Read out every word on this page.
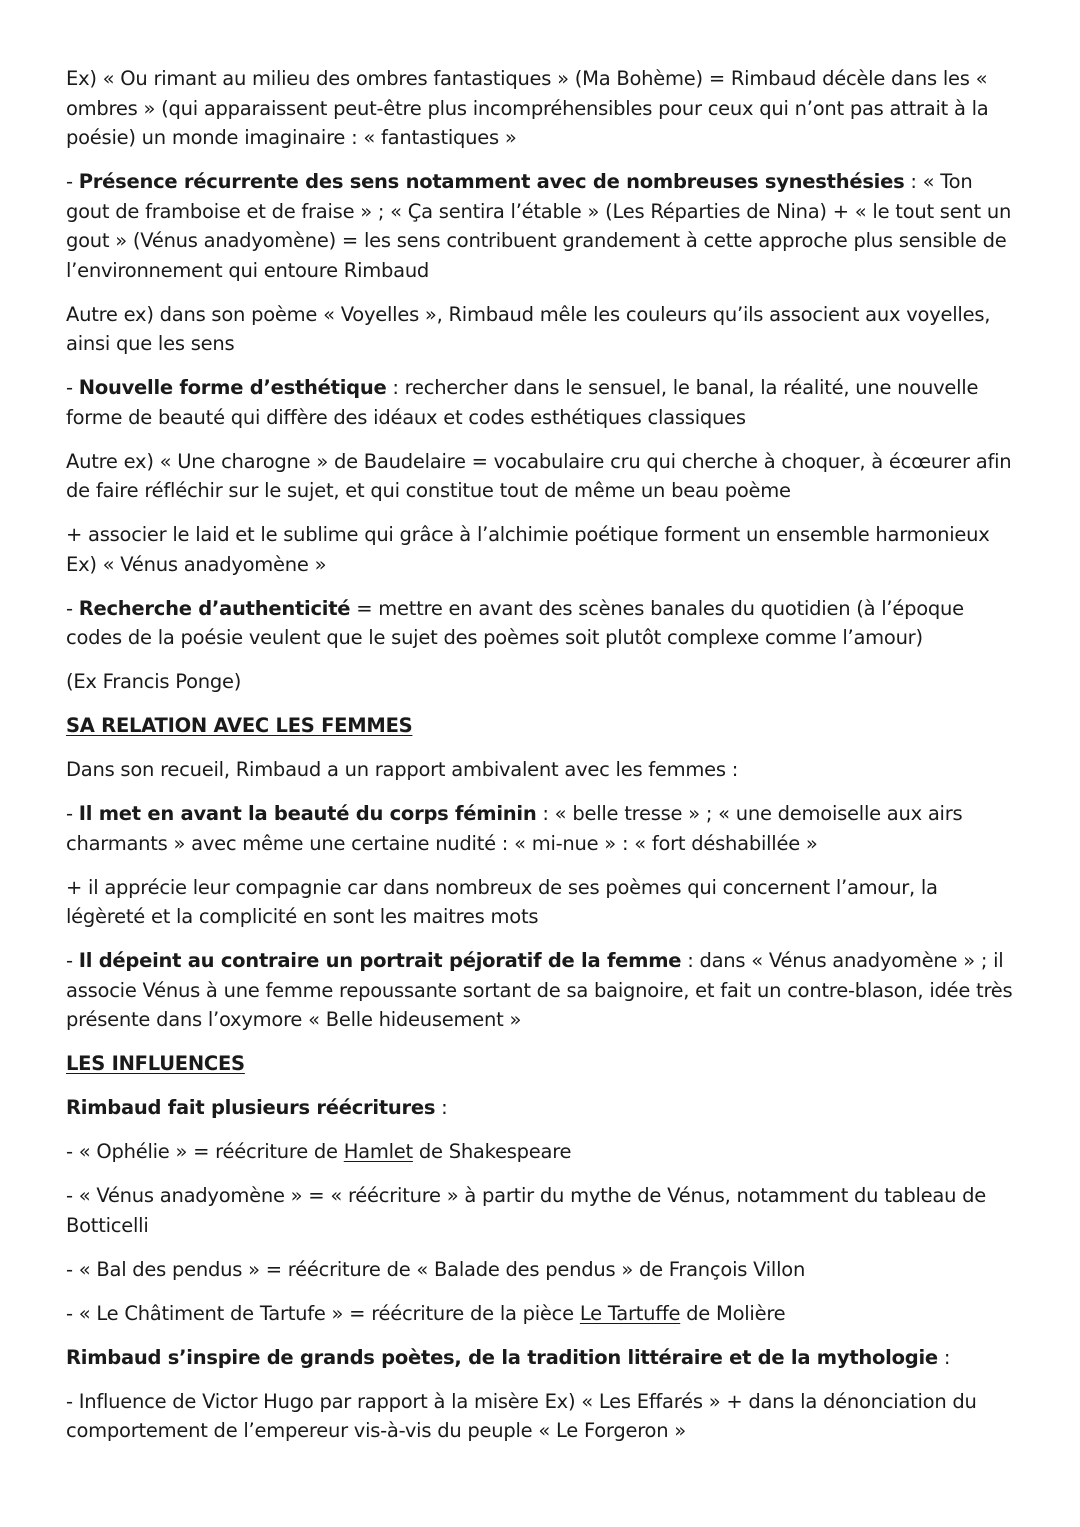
Ex) « Ou rimant au milieu des ombres fantastiques » (Ma Bohème) = Rimbaud décèle dans les « ombres » (qui apparaissent peut-être plus incompréhensibles pour ceux qui n’ont pas attrait à la poésie) un monde imaginaire : « fantastiques »

- Présence récurrente des sens notamment avec de nombreuses synesthésies : « Ton gout de framboise et de fraise » ; « Ça sentira l’étable » (Les Réparties de Nina) + « le tout sent un gout » (Vénus anadyomène) = les sens contribuent grandement à cette approche plus sensible de l’environnement qui entoure Rimbaud

Autre ex) dans son poème « Voyelles », Rimbaud mêle les couleurs qu’ils associent aux voyelles, ainsi que les sens

- Nouvelle forme d’esthétique : rechercher dans le sensuel, le banal, la réalité, une nouvelle forme de beauté qui diffère des idéaux et codes esthétiques classiques

Autre ex) « Une charogne » de Baudelaire = vocabulaire cru qui cherche à choquer, à écœurer afin de faire réfléchir sur le sujet, et qui constitue tout de même un beau poème

+ associer le laid et le sublime qui grâce à l’alchimie poétique forment un ensemble harmonieux Ex) « Vénus anadyomène »

- Recherche d’authenticité = mettre en avant des scènes banales du quotidien (à l’époque codes de la poésie veulent que le sujet des poèmes soit plutôt complexe comme l’amour)

(Ex Francis Ponge)

SA RELATION AVEC LES FEMMES

Dans son recueil, Rimbaud a un rapport ambivalent avec les femmes :

- Il met en avant la beauté du corps féminin : « belle tresse » ; « une demoiselle aux airs charmants » avec même une certaine nudité : « mi-nue » : « fort déshabillée »

+ il apprécie leur compagnie car dans nombreux de ses poèmes qui concernent l’amour, la légèreté et la complicité en sont les maitres mots

- Il dépeint au contraire un portrait péjoratif de la femme : dans « Vénus anadyomène » ; il associe Vénus à une femme repoussante sortant de sa baignoire, et fait un contre-blason, idée très présente dans l’oxymore « Belle hideusement »

LES INFLUENCES

Rimbaud fait plusieurs réécritures :

- « Ophélie » = réécriture de Hamlet de Shakespeare

- « Vénus anadyomène » = « réécriture » à partir du mythe de Vénus, notamment du tableau de Botticelli

- « Bal des pendus » = réécriture de « Balade des pendus » de François Villon

- « Le Châtiment de Tartufe » = réécriture de la pièce Le Tartuffe de Molière

Rimbaud s’inspire de grands poètes, de la tradition littéraire et de la mythologie :

- Influence de Victor Hugo par rapport à la misère Ex) « Les Effarés » + dans la dénonciation du comportement de l’empereur vis-à-vis du peuple « Le Forgeron »
